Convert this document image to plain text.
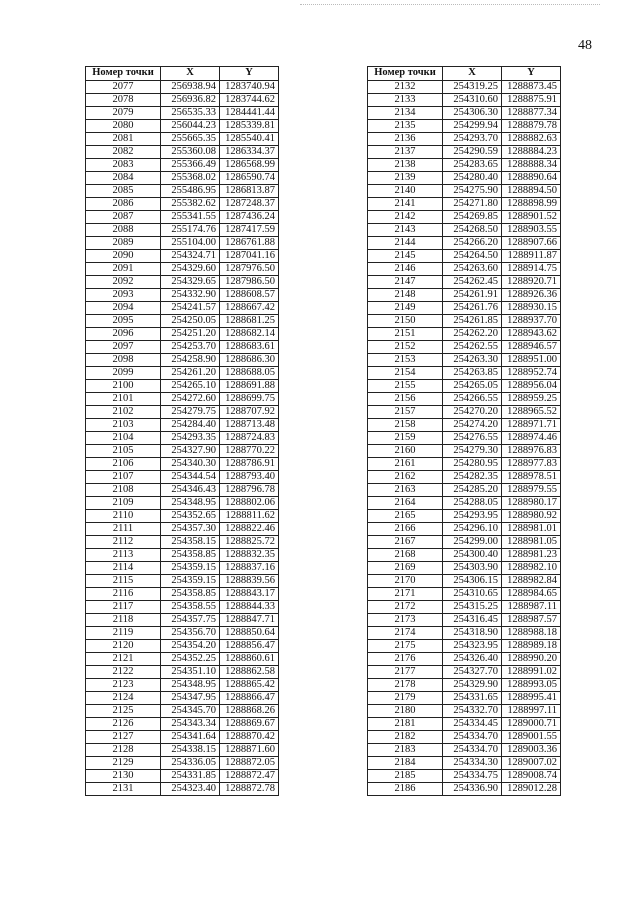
48
Номер точки	X	Y
2077	256938.94	1283740.94
2078	256936.82	1283744.62
2079	256535.33	1284441.44
2080	256044.23	1285339.81
2081	255665.35	1285540.41
2082	255360.08	1286334.37
2083	255366.49	1286568.99
2084	255368.02	1286590.74
2085	255486.95	1286813.87
2086	255382.62	1287248.37
2087	255341.55	1287436.24
2088	255174.76	1287417.59
2089	255104.00	1286761.88
2090	254324.71	1287041.16
2091	254329.60	1287976.50
2092	254329.65	1287986.50
2093	254332.90	1288608.57
2094	254241.57	1288667.42
2095	254250.05	1288681.25
2096	254251.20	1288682.14
2097	254253.70	1288683.61
2098	254258.90	1288686.30
2099	254261.20	1288688.05
2100	254265.10	1288691.88
2101	254272.60	1288699.75
2102	254279.75	1288707.92
2103	254284.40	1288713.48
2104	254293.35	1288724.83
2105	254327.90	1288770.22
2106	254340.30	1288786.91
2107	254344.54	1288793.40
2108	254346.43	1288796.78
2109	254348.95	1288802.06
2110	254352.65	1288811.62
2111	254357.30	1288822.46
2112	254358.15	1288825.72
2113	254358.85	1288832.35
2114	254359.15	1288837.16
2115	254359.15	1288839.56
2116	254358.85	1288843.17
2117	254358.55	1288844.33
2118	254357.75	1288847.71
2119	254356.70	1288850.64
2120	254354.20	1288856.47
2121	254352.25	1288860.61
2122	254351.10	1288862.58
2123	254348.95	1288865.42
2124	254347.95	1288866.47
2125	254345.70	1288868.26
2126	254343.34	1288869.67
2127	254341.64	1288870.42
2128	254338.15	1288871.60
2129	254336.05	1288872.05
2130	254331.85	1288872.47
2131	254323.40	1288872.78
Номер точки	X	Y
2132	254319.25	1288873.45
2133	254310.60	1288875.91
2134	254306.30	1288877.34
2135	254299.94	1288879.78
2136	254293.70	1288882.63
2137	254290.59	1288884.23
2138	254283.65	1288888.34
2139	254280.40	1288890.64
2140	254275.90	1288894.50
2141	254271.80	1288898.99
2142	254269.85	1288901.52
2143	254268.50	1288903.55
2144	254266.20	1288907.66
2145	254264.50	1288911.87
2146	254263.60	1288914.75
2147	254262.45	1288920.71
2148	254261.91	1288926.36
2149	254261.76	1288930.15
2150	254261.85	1288937.70
2151	254262.20	1288943.62
2152	254262.55	1288946.57
2153	254263.30	1288951.00
2154	254263.85	1288952.74
2155	254265.05	1288956.04
2156	254266.55	1288959.25
2157	254270.20	1288965.52
2158	254274.20	1288971.71
2159	254276.55	1288974.46
2160	254279.30	1288976.83
2161	254280.95	1288977.83
2162	254282.35	1288978.51
2163	254285.20	1288979.55
2164	254288.05	1288980.17
2165	254293.95	1288980.92
2166	254296.10	1288981.01
2167	254299.00	1288981.05
2168	254300.40	1288981.23
2169	254303.90	1288982.10
2170	254306.15	1288982.84
2171	254310.65	1288984.65
2172	254315.25	1288987.11
2173	254316.45	1288987.57
2174	254318.90	1288988.18
2175	254323.95	1288989.18
2176	254326.40	1288990.20
2177	254327.70	1288991.02
2178	254329.90	1288993.05
2179	254331.65	1288995.41
2180	254332.70	1288997.11
2181	254334.45	1289000.71
2182	254334.70	1289001.55
2183	254334.70	1289003.36
2184	254334.30	1289007.02
2185	254334.75	1289008.74
2186	254336.90	1289012.28
